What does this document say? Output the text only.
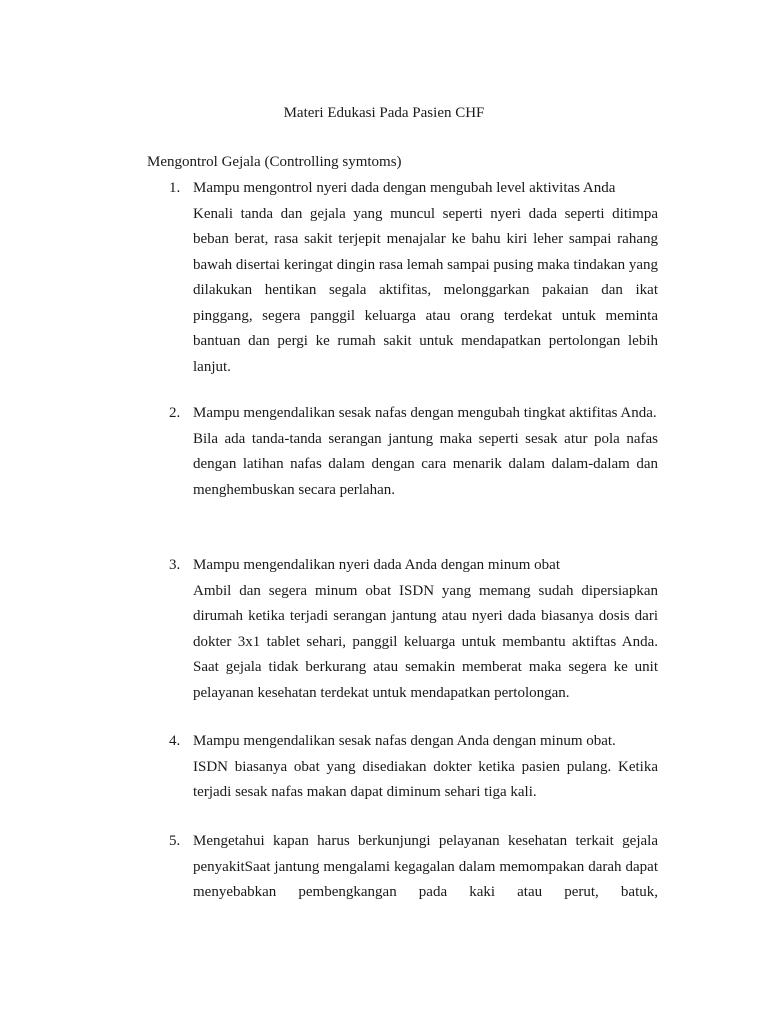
Materi Edukasi Pada Pasien CHF
Mengontrol Gejala (Controlling symtoms)
1. Mampu mengontrol nyeri dada dengan mengubah level aktivitas Anda
Kenali tanda dan gejala yang muncul seperti nyeri dada seperti ditimpa beban berat, rasa sakit terjepit menajalar ke bahu kiri leher sampai rahang bawah disertai keringat dingin rasa lemah sampai pusing maka tindakan yang dilakukan hentikan segala aktifitas, melonggarkan pakaian dan ikat pinggang, segera panggil keluarga atau orang terdekat untuk meminta bantuan dan pergi ke rumah sakit untuk mendapatkan pertolongan lebih lanjut.
2. Mampu mengendalikan sesak nafas dengan mengubah tingkat aktifitas Anda.
Bila ada tanda-tanda serangan jantung maka seperti sesak atur pola nafas dengan latihan nafas dalam dengan cara menarik dalam dalam-dalam dan menghembuskan secara perlahan.
3. Mampu mengendalikan nyeri dada Anda dengan minum obat
Ambil dan segera minum obat ISDN yang memang sudah dipersiapkan dirumah ketika terjadi serangan jantung atau nyeri dada biasanya dosis dari dokter 3x1 tablet sehari, panggil keluarga untuk membantu aktiftas Anda. Saat gejala tidak berkurang atau semakin memberat maka segera ke unit pelayanan kesehatan terdekat untuk mendapatkan pertolongan.
4. Mampu mengendalikan sesak nafas dengan Anda dengan minum obat.
ISDN biasanya obat yang disediakan dokter ketika pasien pulang. Ketika terjadi sesak nafas makan dapat diminum sehari tiga kali.
5. Mengetahui kapan harus berkunjungi pelayanan kesehatan terkait gejala penyakitSaat jantung mengalami kegagalan dalam memompakan darah dapat menyebabkan pembengkangan pada kaki atau perut, batuk,
